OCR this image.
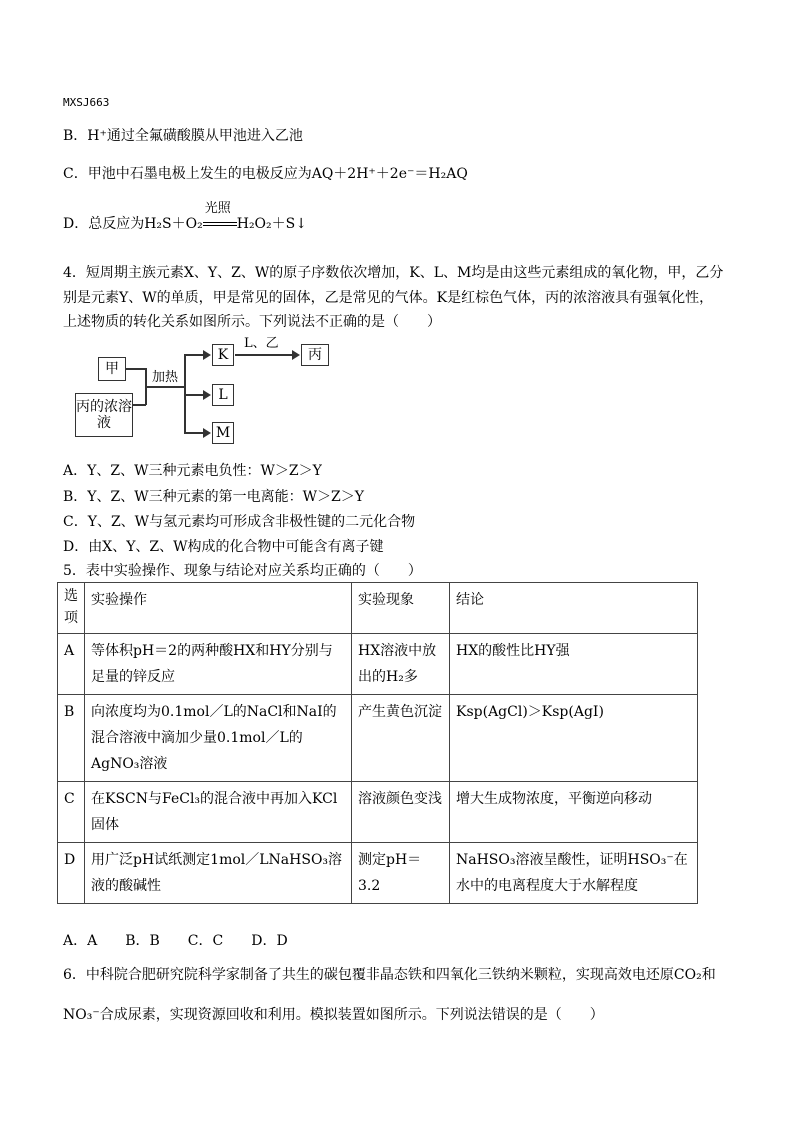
MXSJ663
B．H⁺通过全氟磺酸膜从甲池进入乙池
C．甲池中石墨电极上发生的电极反应为AQ＋2H⁺＋2e⁻＝H₂AQ
D．总反应为H₂S＋O₂
光照
H₂O₂＋S↓
4．短周期主族元素X、Y、Z、W的原子序数依次增加，K、L、M均是由这些元素组成的氧化物，甲，乙分
别是元素Y、W的单质，甲是常见的固体，乙是常见的气体。K是红棕色气体，丙的浓溶液具有强氧化性，
上述物质的转化关系如图所示。下列说法不正确的是（　　）
甲
丙的浓溶液
加热
K
L
M
L、乙
丙
A．Y、Z、W三种元素电负性：W＞Z＞Y
B．Y、Z、W三种元素的第一电离能：W＞Z＞Y
C．Y、Z、W与氢元素均可形成含非极性键的二元化合物
D．由X、Y、Z、W构成的化合物中可能含有离子键
5．表中实验操作、现象与结论对应关系均正确的（　　）
选项	实验操作	实验现象	结论
A	等体积pH＝2的两种酸HX和HY分别与足量的锌反应	HX溶液中放出的H₂多	HX的酸性比HY强
B	向浓度均为0.1mol／L的NaCl和NaI的混合溶液中滴加少量0.1mol／L的AgNO₃溶液	产生黄色沉淀	Ksp(AgCl)＞Ksp(AgI)
C	在KSCN与FeCl₃的混合液中再加入KCl固体	溶液颜色变浅	增大生成物浓度，平衡逆向移动
D	用广泛pH试纸测定1mol／LNaHSO₃溶液的酸碱性	测定pH＝3.2	NaHSO₃溶液呈酸性，证明HSO₃⁻在水中的电离程度大于水解程度
A．A　　B．B　　C．C　　D．D
6．中科院合肥研究院科学家制备了共生的碳包覆非晶态铁和四氧化三铁纳米颗粒，实现高效电还原CO₂和
NO₃⁻合成尿素，实现资源回收和利用。模拟装置如图所示。下列说法错误的是（　　）
